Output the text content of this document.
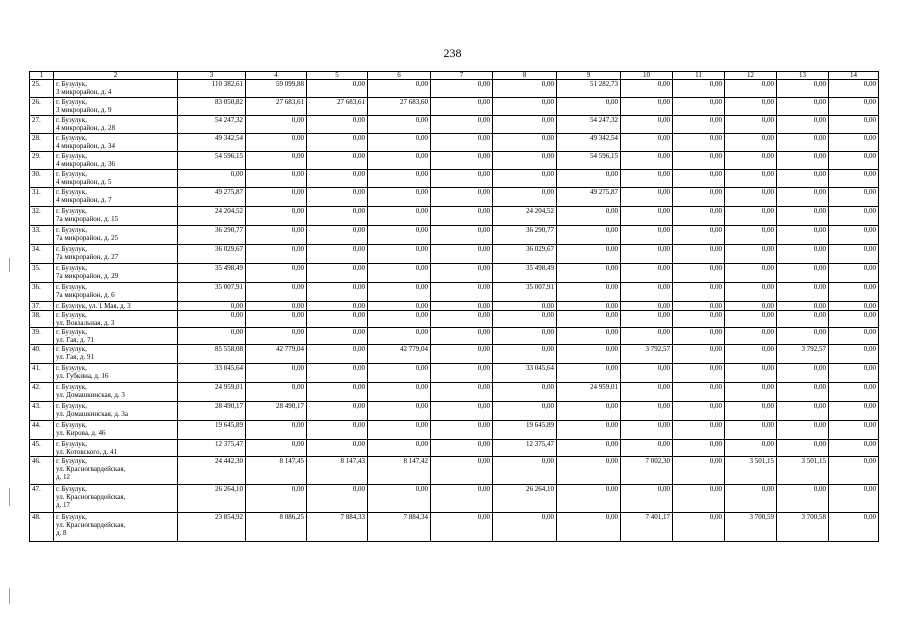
238
1	2	3	4	5	6	7	8	9	10	11	12	13	14
25.	г. Бузулук,
3 микрорайон, д. 4	110 382,61	59 099,88	0,00	0,00	0,00	0,00	51 282,73	0,00	0,00	0,00	0,00	0,00
26.	г. Бузулук,
3 микрорайон, д. 9	83 050,82	27 683,61	27 683,61	27 683,60	0,00	0,00	0,00	0,00	0,00	0,00	0,00	0,00
27.	г. Бузулук,
4 микрорайон, д. 28	54 247,32	0,00	0,00	0,00	0,00	0,00	54 247,32	0,00	0,00	0,00	0,00	0,00
28.	г. Бузулук,
4 микрорайон, д. 34	49 342,54	0,00	0,00	0,00	0,00	0,00	49 342,54	0,00	0,00	0,00	0,00	0,00
29.	г. Бузулук,
4 микрорайон, д. 36	54 596,15	0,00	0,00	0,00	0,00	0,00	54 596,15	0,00	0,00	0,00	0,00	0,00
30.	г. Бузулук,
4 микрорайон, д. 5	0,00	0,00	0,00	0,00	0,00	0,00	0,00	0,00	0,00	0,00	0,00	0,00
31.	г. Бузулук,
4 микрорайон, д. 7	49 275,87	0,00	0,00	0,00	0,00	0,00	49 275,87	0,00	0,00	0,00	0,00	0,00
32.	г. Бузулук,
7а микрорайон, д. 15	24 204,52	0,00	0,00	0,00	0,00	24 204,52	0,00	0,00	0,00	0,00	0,00	0,00
33.	г. Бузулук,
7а микрорайон, д. 25	36 290,77	0,00	0,00	0,00	0,00	36 290,77	0,00	0,00	0,00	0,00	0,00	0,00
34.	г. Бузулук,
7а микрорайон, д. 27	36 029,67	0,00	0,00	0,00	0,00	36 029,67	0,00	0,00	0,00	0,00	0,00	0,00
35.	г. Бузулук,
7а микрорайон, д. 29	35 498,49	0,00	0,00	0,00	0,00	35 498,49	0,00	0,00	0,00	0,00	0,00	0,00
36.	г. Бузулук,
7а микрорайон, д. 6	35 007,91	0,00	0,00	0,00	0,00	35 007,91	0,00	0,00	0,00	0,00	0,00	0,00
37.	г. Бузулук, ул. 1 Мая, д. 3	0,00	0,00	0,00	0,00	0,00	0,00	0,00	0,00	0,00	0,00	0,00	0,00
38.	г. Бузулук,
ул. Вокзальная, д. 3	0,00	0,00	0,00	0,00	0,00	0,00	0,00	0,00	0,00	0,00	0,00	0,00
39.	г. Бузулук,
ул. Гая, д. 71	0,00	0,00	0,00	0,00	0,00	0,00	0,00	0,00	0,00	0,00	0,00	0,00
40.	г. Бузулук,
ул. Гая, д. 91	85 558,08	42 779,04	0,00	42 779,04	0,00	0,00	0,00	3 792,57	0,00	0,00	3 792,57	0,00
41.	г. Бузулук,
ул. Губкина, д. 16	33 045,64	0,00	0,00	0,00	0,00	33 045,64	0,00	0,00	0,00	0,00	0,00	0,00
42.	г. Бузулук,
ул. Домашкинская, д. 3	24 959,01	0,00	0,00	0,00	0,00	0,00	24 959,01	0,00	0,00	0,00	0,00	0,00
43.	г. Бузулук,
ул. Домашкинская, д. 3а	28 490,17	28 490,17	0,00	0,00	0,00	0,00	0,00	0,00	0,00	0,00	0,00	0,00
44.	г. Бузулук,
ул. Кирова, д. 46	19 645,89	0,00	0,00	0,00	0,00	19 645,89	0,00	0,00	0,00	0,00	0,00	0,00
45.	г. Бузулук,
ул. Котовского, д. 41	12 375,47	0,00	0,00	0,00	0,00	12 375,47	0,00	0,00	0,00	0,00	0,00	0,00
46.	г. Бузулук,
ул. Красногвардейская,
д. 12	24 442,30	8 147,45	8 147,43	8 147,42	0,00	0,00	0,00	7 002,30	0,00	3 501,15	3 501,15	0,00
47.	г. Бузулук,
ул. Красногвардейская,
д. 17	26 264,10	0,00	0,00	0,00	0,00	26 264,10	0,00	0,00	0,00	0,00	0,00	0,00
48.	г. Бузулук,
ул. Красногвардейская,
д. 8	23 854,92	8 086,25	7 884,33	7 884,34	0,00	0,00	0,00	7 401,17	0,00	3 700,59	3 700,58	0,00
